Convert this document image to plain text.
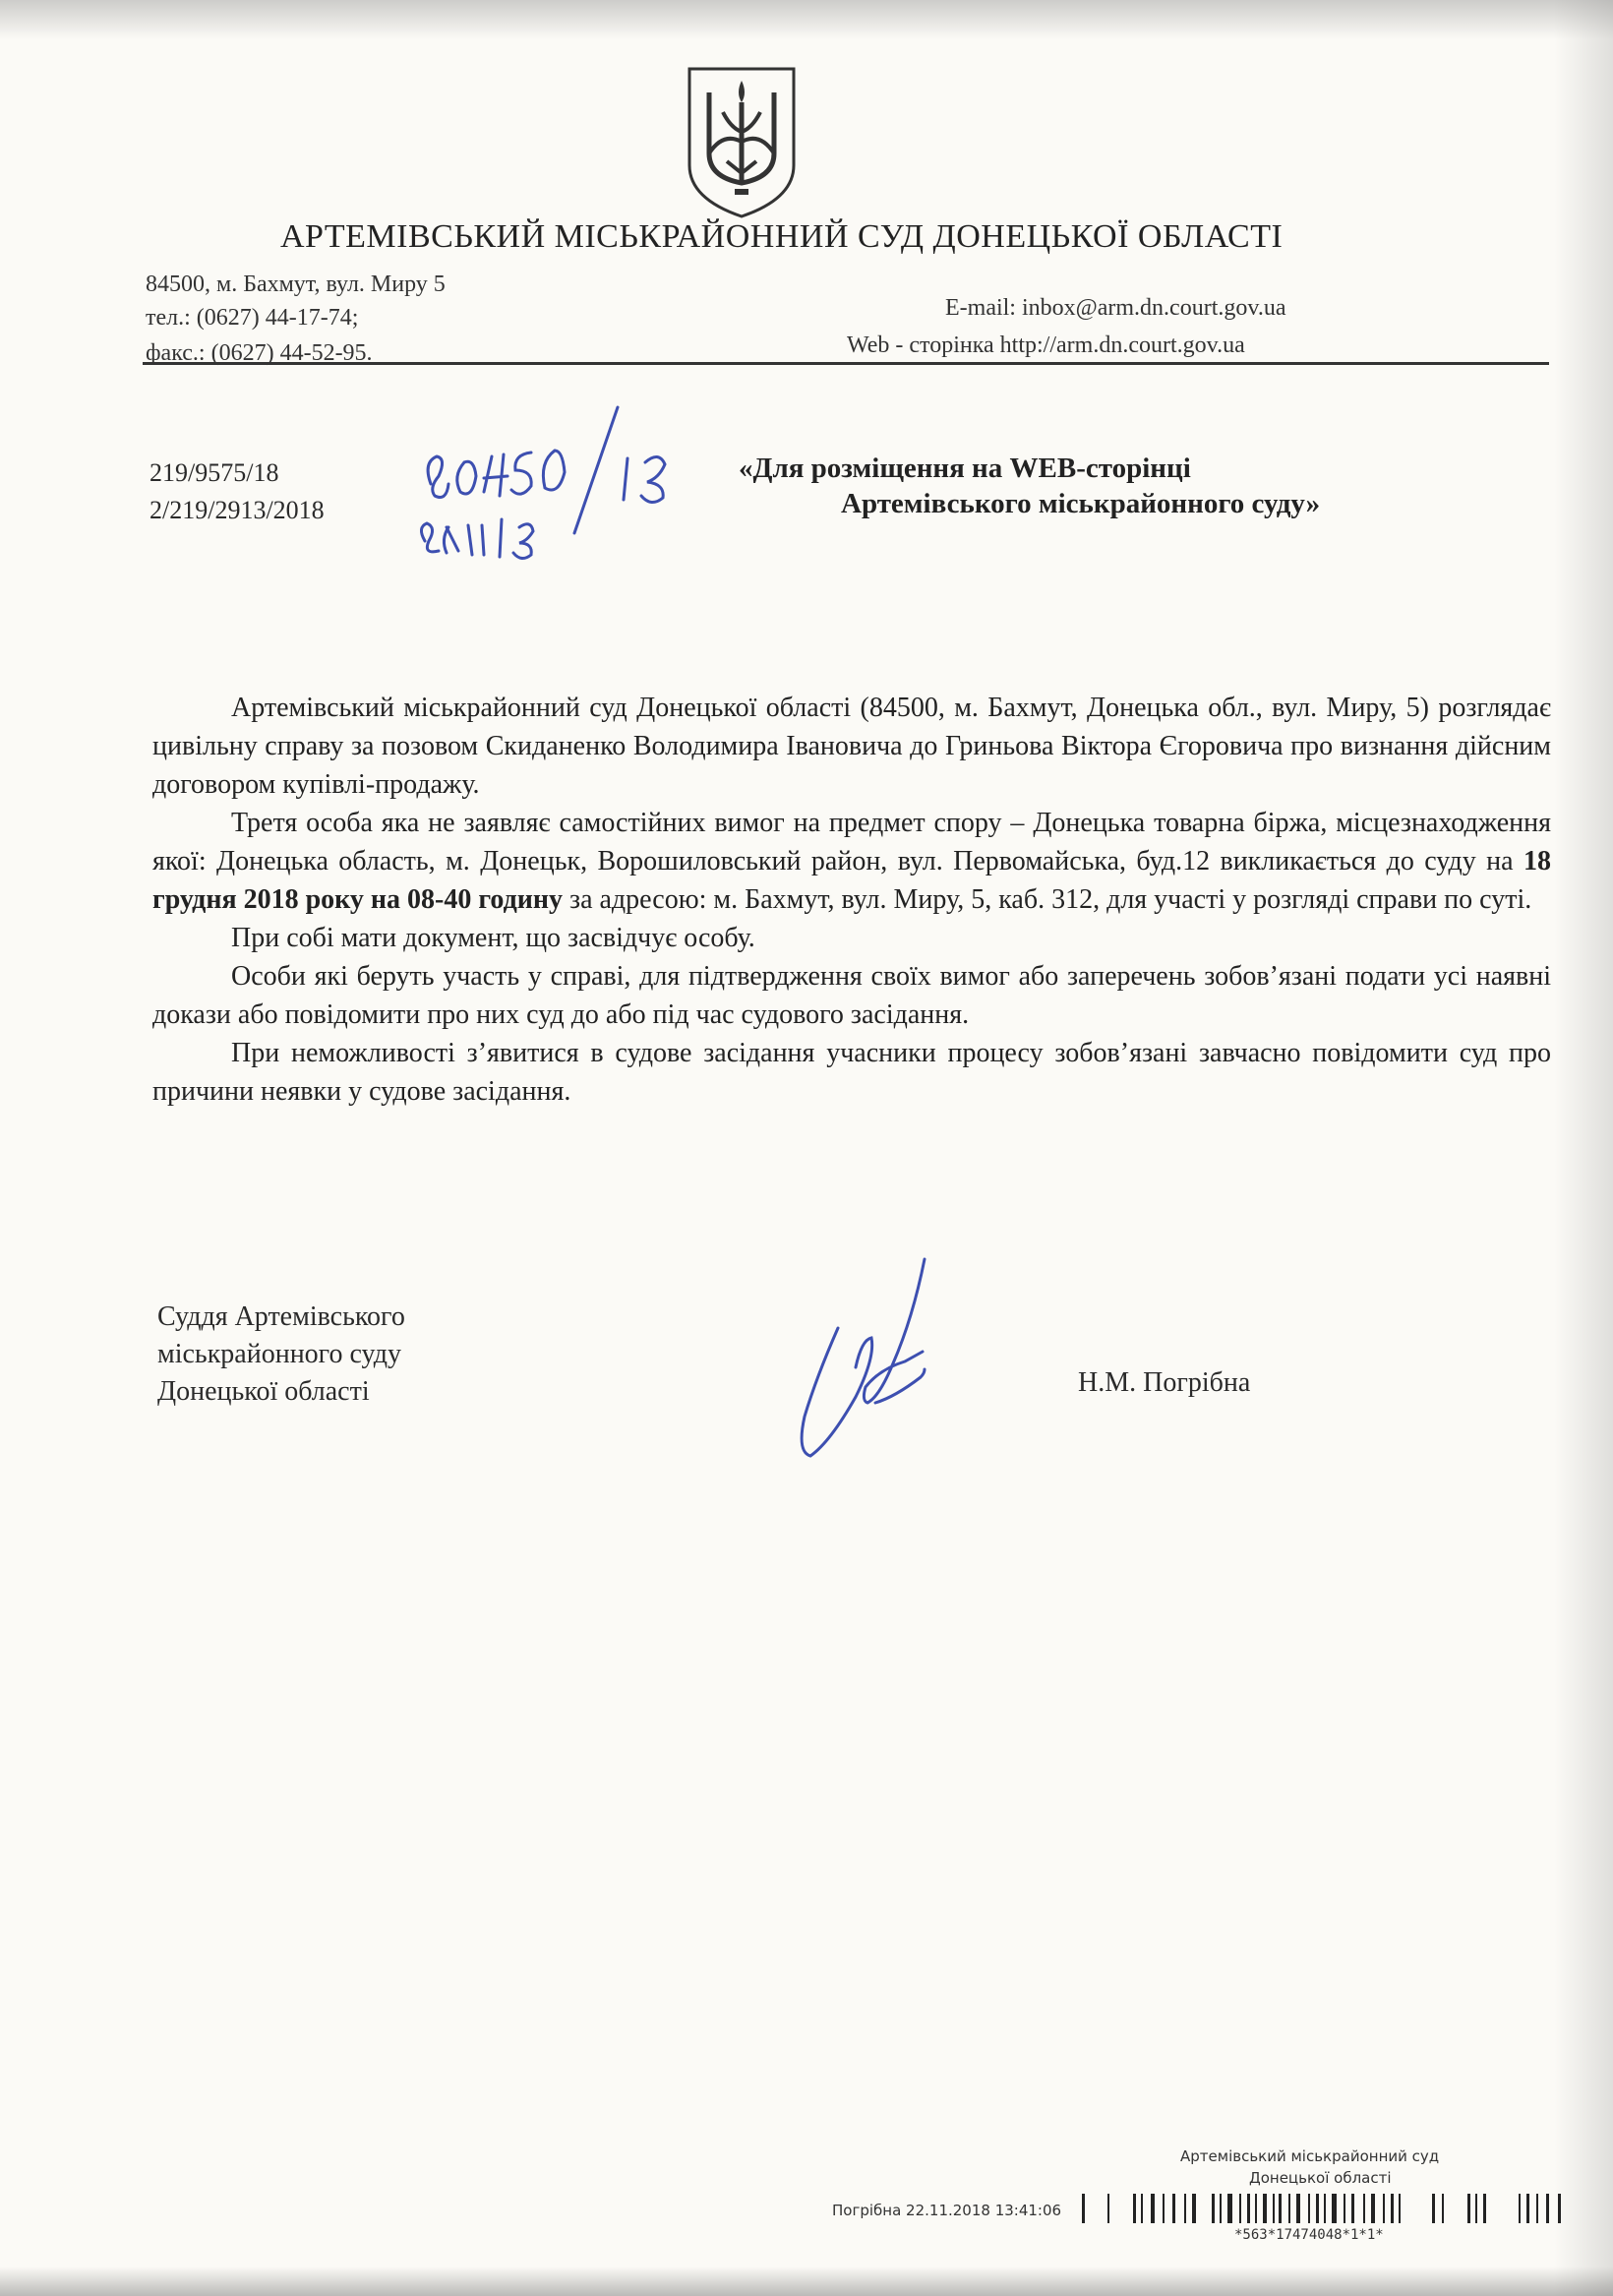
АРТЕМІВСЬКИЙ МІСЬКРАЙОННИЙ СУД ДОНЕЦЬКОЇ ОБЛАСТІ
84500, м. Бахмут, вул. Миру 5
тел.: (0627) 44-17-74;
факс.: (0627) 44-52-95.
E-mail: inbox@arm.dn.court.gov.ua
Web - сторінка http://arm.dn.court.gov.ua
219/9575/18
2/219/2913/2018
«Для розміщення на WEB-сторінці
Артемівського міськрайонного суду»

Артемівський міськрайонний суд Донецької області (84500, м. Бахмут, Донецька обл., вул. Миру, 5) розглядає цивільну справу за позовом Скиданенко Володимира Івановича до Гриньова Віктора Єгоровича про визнання дійсним договором купівлі-продажу.

Третя особа яка не заявляє самостійних вимог на предмет спору – Донецька товарна біржа, місцезнаходження якої: Донецька область, м. Донецьк, Ворошиловський район, вул. Первомайська, буд.12 викликається до суду на 18 грудня 2018 року на 08-40 годину за адресою: м. Бахмут, вул. Миру, 5, каб. 312, для участі у розгляді справи по суті.

При собі мати документ, що засвідчує особу.

Особи які беруть участь у справі, для підтвердження своїх вимог або заперечень зобов’язані подати усі наявні докази або повідомити про них суд до або під час судового засідання.

При неможливості з’явитися в судове засідання учасники процесу зобов’язані завчасно повідомити суд про причини неявки у судове засідання.

Суддя Артемівського
міськрайонного суду
Донецької області	Н.М. Погрібна
Артемівський міськрайонний суд
Донецької області
Погрібна 22.11.2018 13:41:06
*563*17474048*1*1*
